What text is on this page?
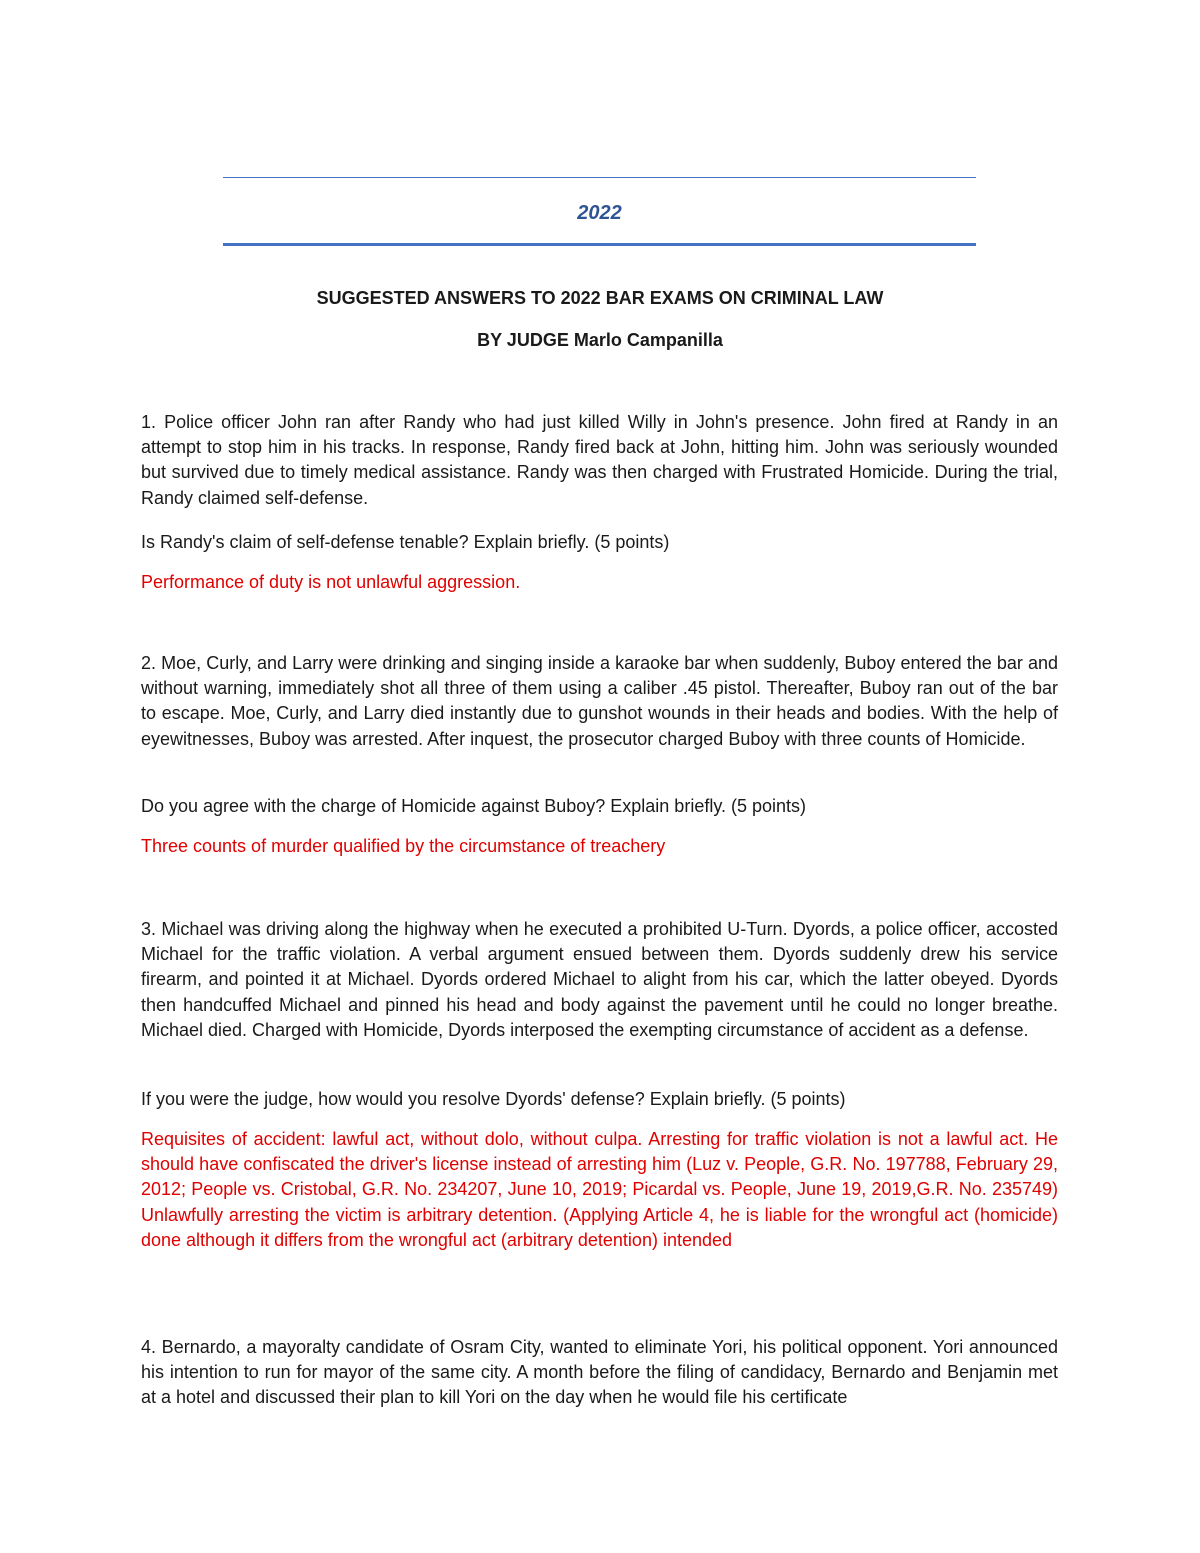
2022
SUGGESTED ANSWERS TO 2022 BAR EXAMS ON CRIMINAL LAW
BY JUDGE Marlo Campanilla

1. Police officer John ran after Randy who had just killed Willy in John's presence. John fired at Randy in an attempt to stop him in his tracks. In response, Randy fired back at John, hitting him. John was seriously wounded but survived due to timely medical assistance. Randy was then charged with Frustrated Homicide. During the trial, Randy claimed self-defense.

Is Randy's claim of self-defense tenable? Explain briefly. (5 points)

Performance of duty is not unlawful aggression.

2. Moe, Curly, and Larry were drinking and singing inside a karaoke bar when suddenly, Buboy entered the bar and without warning, immediately shot all three of them using a caliber .45 pistol. Thereafter, Buboy ran out of the bar to escape. Moe, Curly, and Larry died instantly due to gunshot wounds in their heads and bodies. With the help of eyewitnesses, Buboy was arrested. After inquest, the prosecutor charged Buboy with three counts of Homicide.

Do you agree with the charge of Homicide against Buboy? Explain briefly. (5 points)

Three counts of murder qualified by the circumstance of treachery

3. Michael was driving along the highway when he executed a prohibited U-Turn. Dyords, a police officer, accosted Michael for the traffic violation. A verbal argument ensued between them. Dyords suddenly drew his service firearm, and pointed it at Michael. Dyords ordered Michael to alight from his car, which the latter obeyed. Dyords then handcuffed Michael and pinned his head and body against the pavement until he could no longer breathe. Michael died. Charged with Homicide, Dyords interposed the exempting circumstance of accident as a defense.

If you were the judge, how would you resolve Dyords' defense? Explain briefly. (5 points)

Requisites of accident: lawful act, without dolo, without culpa. Arresting for traffic violation is not a lawful act. He should have confiscated the driver's license instead of arresting him (Luz v. People, G.R. No. 197788, February 29, 2012; People vs. Cristobal, G.R. No. 234207, June 10, 2019; Picardal vs. People, June 19, 2019,G.R. No. 235749) Unlawfully arresting the victim is arbitrary detention. (Applying Article 4, he is liable for the wrongful act (homicide) done although it differs from the wrongful act (arbitrary detention) intended

4. Bernardo, a mayoralty candidate of Osram City, wanted to eliminate Yori, his political opponent. Yori announced his intention to run for mayor of the same city. A month before the filing of candidacy, Bernardo and Benjamin met at a hotel and discussed their plan to kill Yori on the day when he would file his certificate
